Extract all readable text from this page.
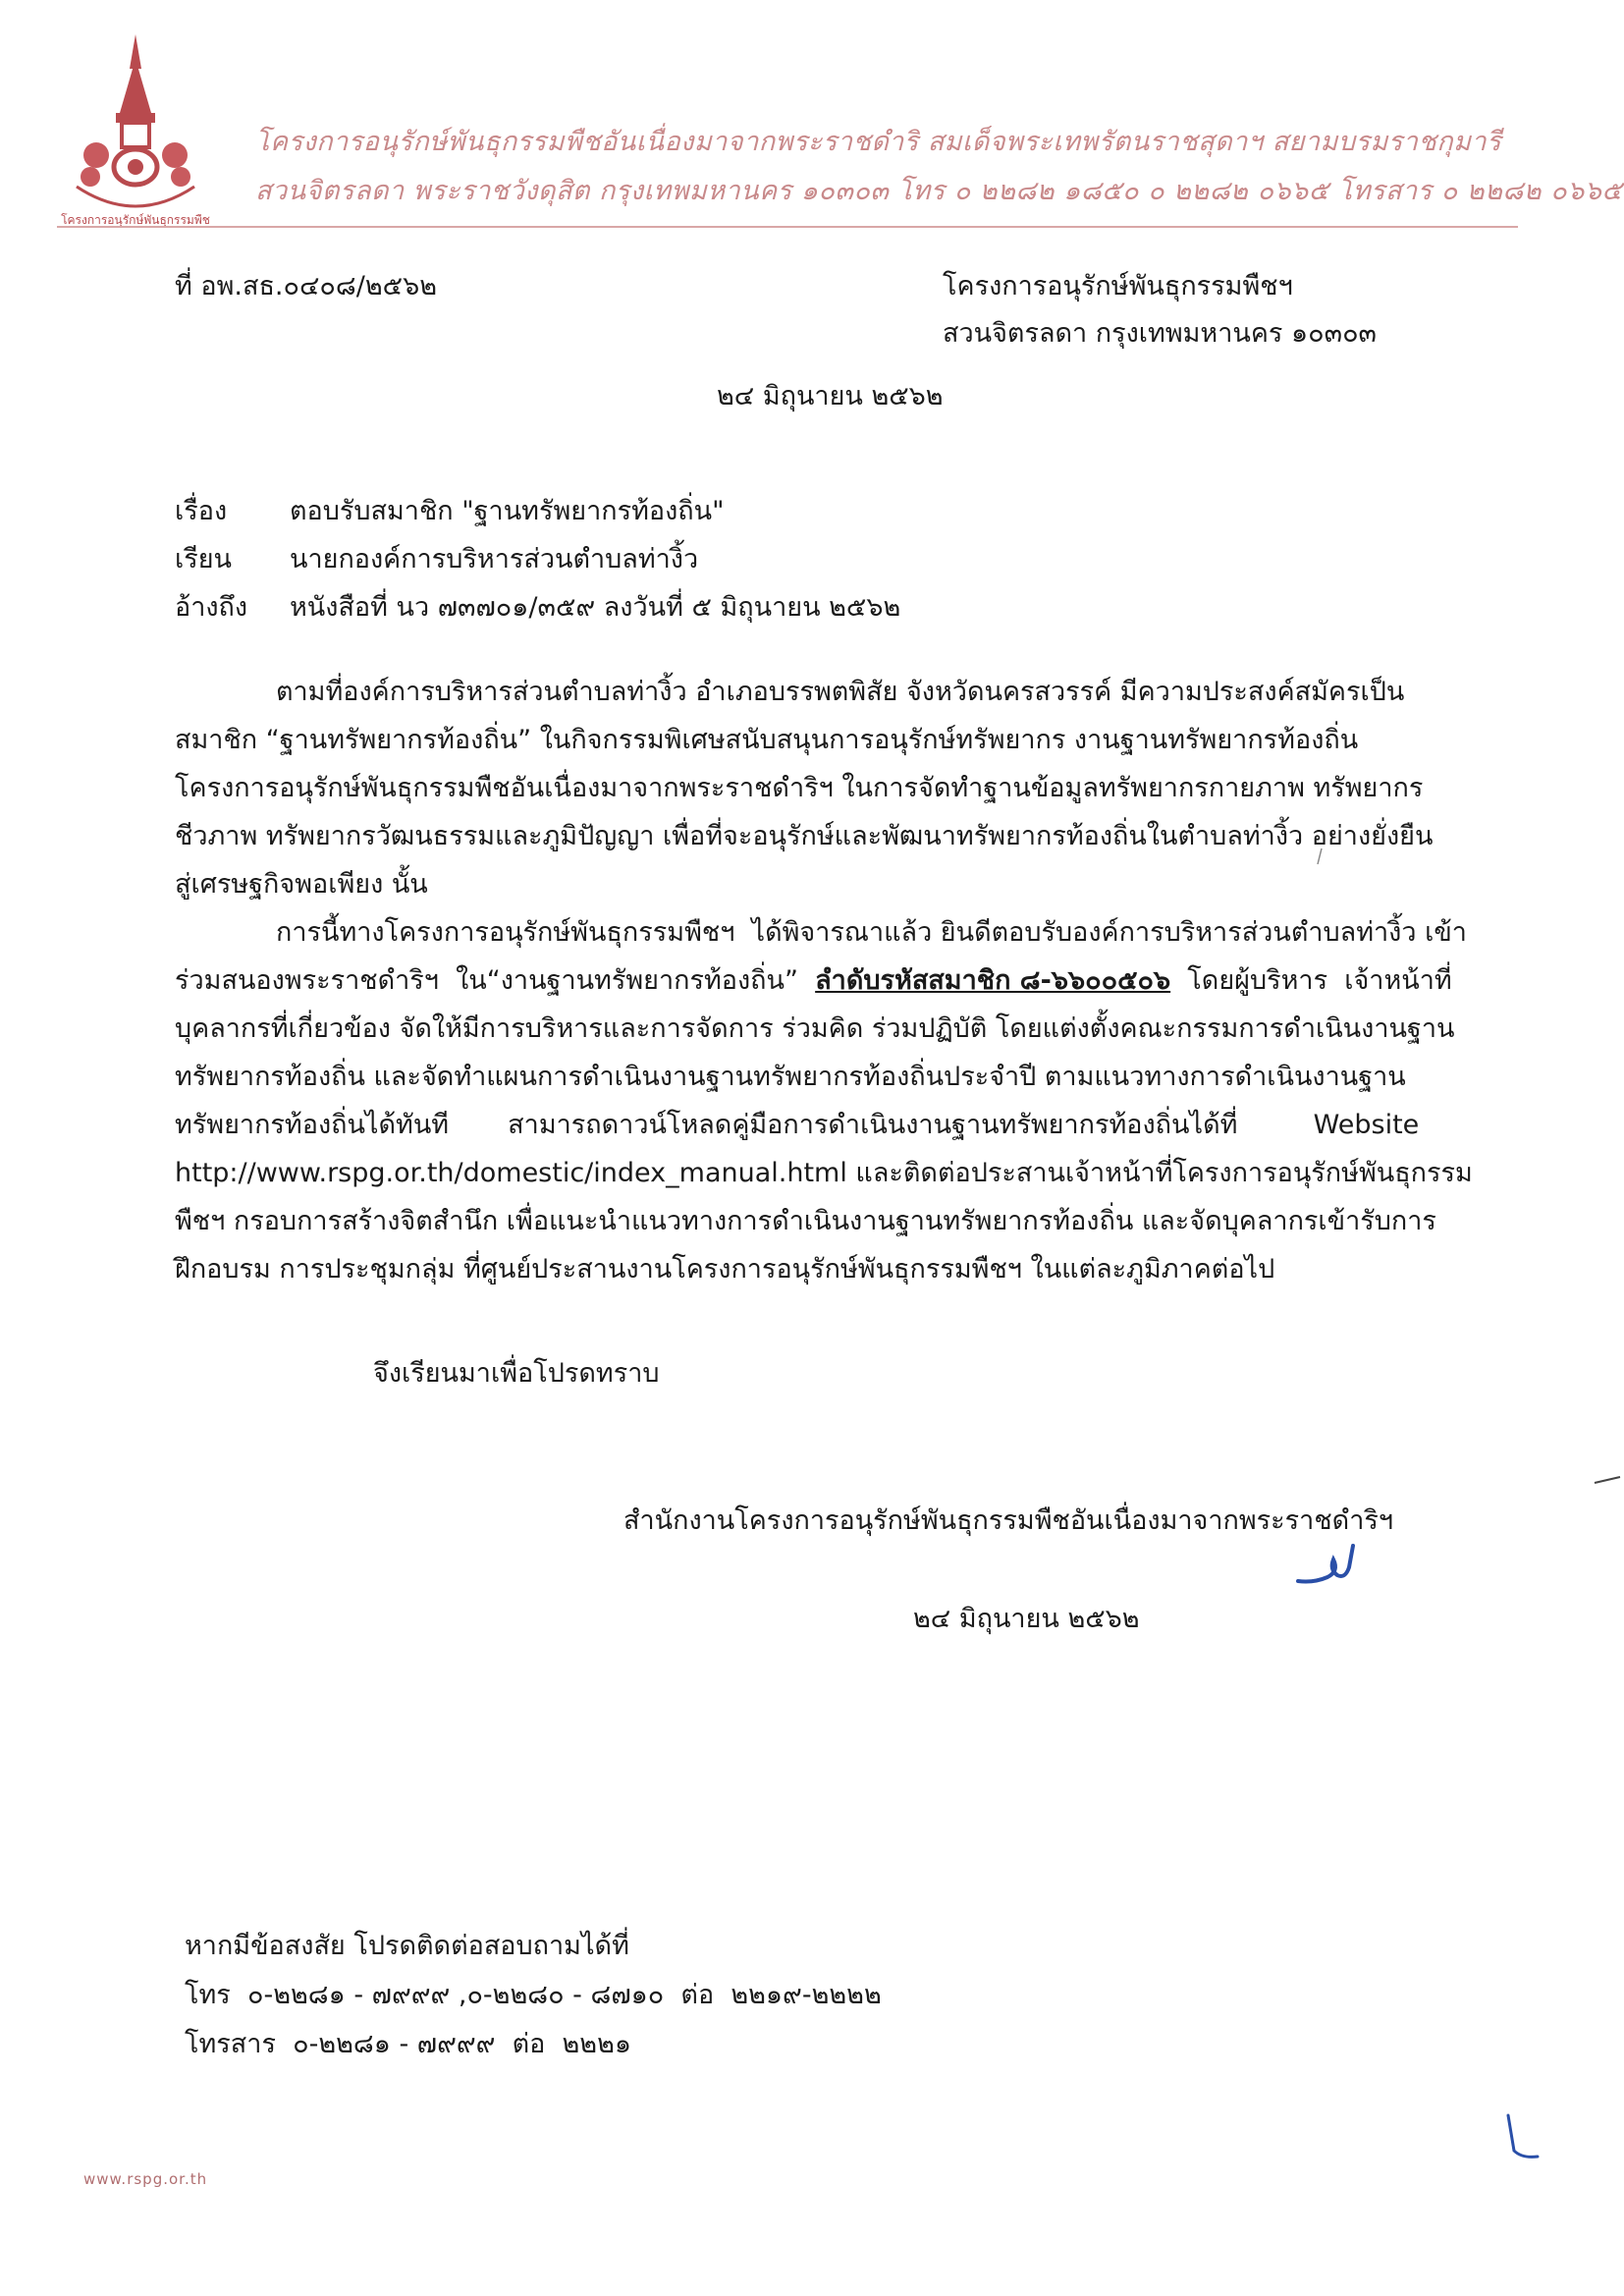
โครงการอนุรักษ์พันธุกรรมพืช
โครงการอนุรักษ์พันธุกรรมพืชอันเนื่องมาจากพระราชดำริ สมเด็จพระเทพรัตนราชสุดาฯ สยามบรมราชกุมารี
สวนจิตรลดา พระราชวังดุสิต กรุงเทพมหานคร ๑๐๓๐๓ โทร ๐ ๒๒๘๒ ๑๘๕๐ ๐ ๒๒๘๒ ๐๖๖๕ โทรสาร ๐ ๒๒๘๒ ๐๖๖๕
ที่ อพ.สธ.๐๔๐๘/๒๕๖๒	โครงการอนุรักษ์พันธุกรรมพืชฯ
สวนจิตรลดา กรุงเทพมหานคร ๑๐๓๐๓
๒๔ มิถุนายน ๒๕๖๒
เรื่อง ตอบรับสมาชิก "ฐานทรัพยากรท้องถิ่น"
เรียน นายกองค์การบริหารส่วนตำบลท่างิ้ว
อ้างถึง หนังสือที่ นว ๗๓๗๐๑/๓๕๙ ลงวันที่ ๕ มิถุนายน ๒๕๖๒
ตามที่องค์การบริหารส่วนตำบลท่างิ้ว อำเภอบรรพตพิสัย จังหวัดนครสวรรค์ มีความประสงค์สมัครเป็น
สมาชิก “ฐานทรัพยากรท้องถิ่น” ในกิจกรรมพิเศษสนับสนุนการอนุรักษ์ทรัพยากร งานฐานทรัพยากรท้องถิ่น
โครงการอนุรักษ์พันธุกรรมพืชอันเนื่องมาจากพระราชดำริฯ ในการจัดทำฐานข้อมูลทรัพยากรกายภาพ ทรัพยากร
ชีวภาพ ทรัพยากรวัฒนธรรมและภูมิปัญญา เพื่อที่จะอนุรักษ์และพัฒนาทรัพยากรท้องถิ่นในตำบลท่างิ้ว อย่างยั่งยืน
สู่เศรษฐกิจพอเพียง นั้น
การนี้ทางโครงการอนุรักษ์พันธุกรรมพืชฯ  ได้พิจารณาแล้ว ยินดีตอบรับองค์การบริหารส่วนตำบลท่างิ้ว เข้า
ร่วมสนองพระราชดำริฯ  ใน“งานฐานทรัพยากรท้องถิ่น”  ลำดับรหัสสมาชิก ๘-๖๖๐๐๕๐๖  โดยผู้บริหาร  เจ้าหน้าที่
บุคลากรที่เกี่ยวข้อง จัดให้มีการบริหารและการจัดการ ร่วมคิด ร่วมปฏิบัติ โดยแต่งตั้งคณะกรรมการดำเนินงานฐาน
ทรัพยากรท้องถิ่น และจัดทำแผนการดำเนินงานฐานทรัพยากรท้องถิ่นประจำปี ตามแนวทางการดำเนินงานฐาน
ทรัพยากรท้องถิ่นได้ทันที       สามารถดาวน์โหลดคู่มือการดำเนินงานฐานทรัพยากรท้องถิ่นได้ที่         Website
http://www.rspg.or.th/domestic/index_manual.html และติดต่อประสานเจ้าหน้าที่โครงการอนุรักษ์พันธุกรรม
พืชฯ กรอบการสร้างจิตสำนึก เพื่อแนะนำแนวทางการดำเนินงานฐานทรัพยากรท้องถิ่น และจัดบุคลากรเข้ารับการ
ฝึกอบรม การประชุมกลุ่ม ที่ศูนย์ประสานงานโครงการอนุรักษ์พันธุกรรมพืชฯ ในแต่ละภูมิภาคต่อไป
จึงเรียนมาเพื่อโปรดทราบ
สำนักงานโครงการอนุรักษ์พันธุกรรมพืชอันเนื่องมาจากพระราชดำริฯ
๒๔ มิถุนายน ๒๕๖๒
หากมีข้อสงสัย โปรดติดต่อสอบถามได้ที่
โทร  ๐-๒๒๘๑ - ๗๙๙๙ ,๐-๒๒๘๐ - ๘๗๑๐  ต่อ  ๒๒๑๙-๒๒๒๒
โทรสาร  ๐-๒๒๘๑ - ๗๙๙๙  ต่อ  ๒๒๒๑
www.rspg.or.th
